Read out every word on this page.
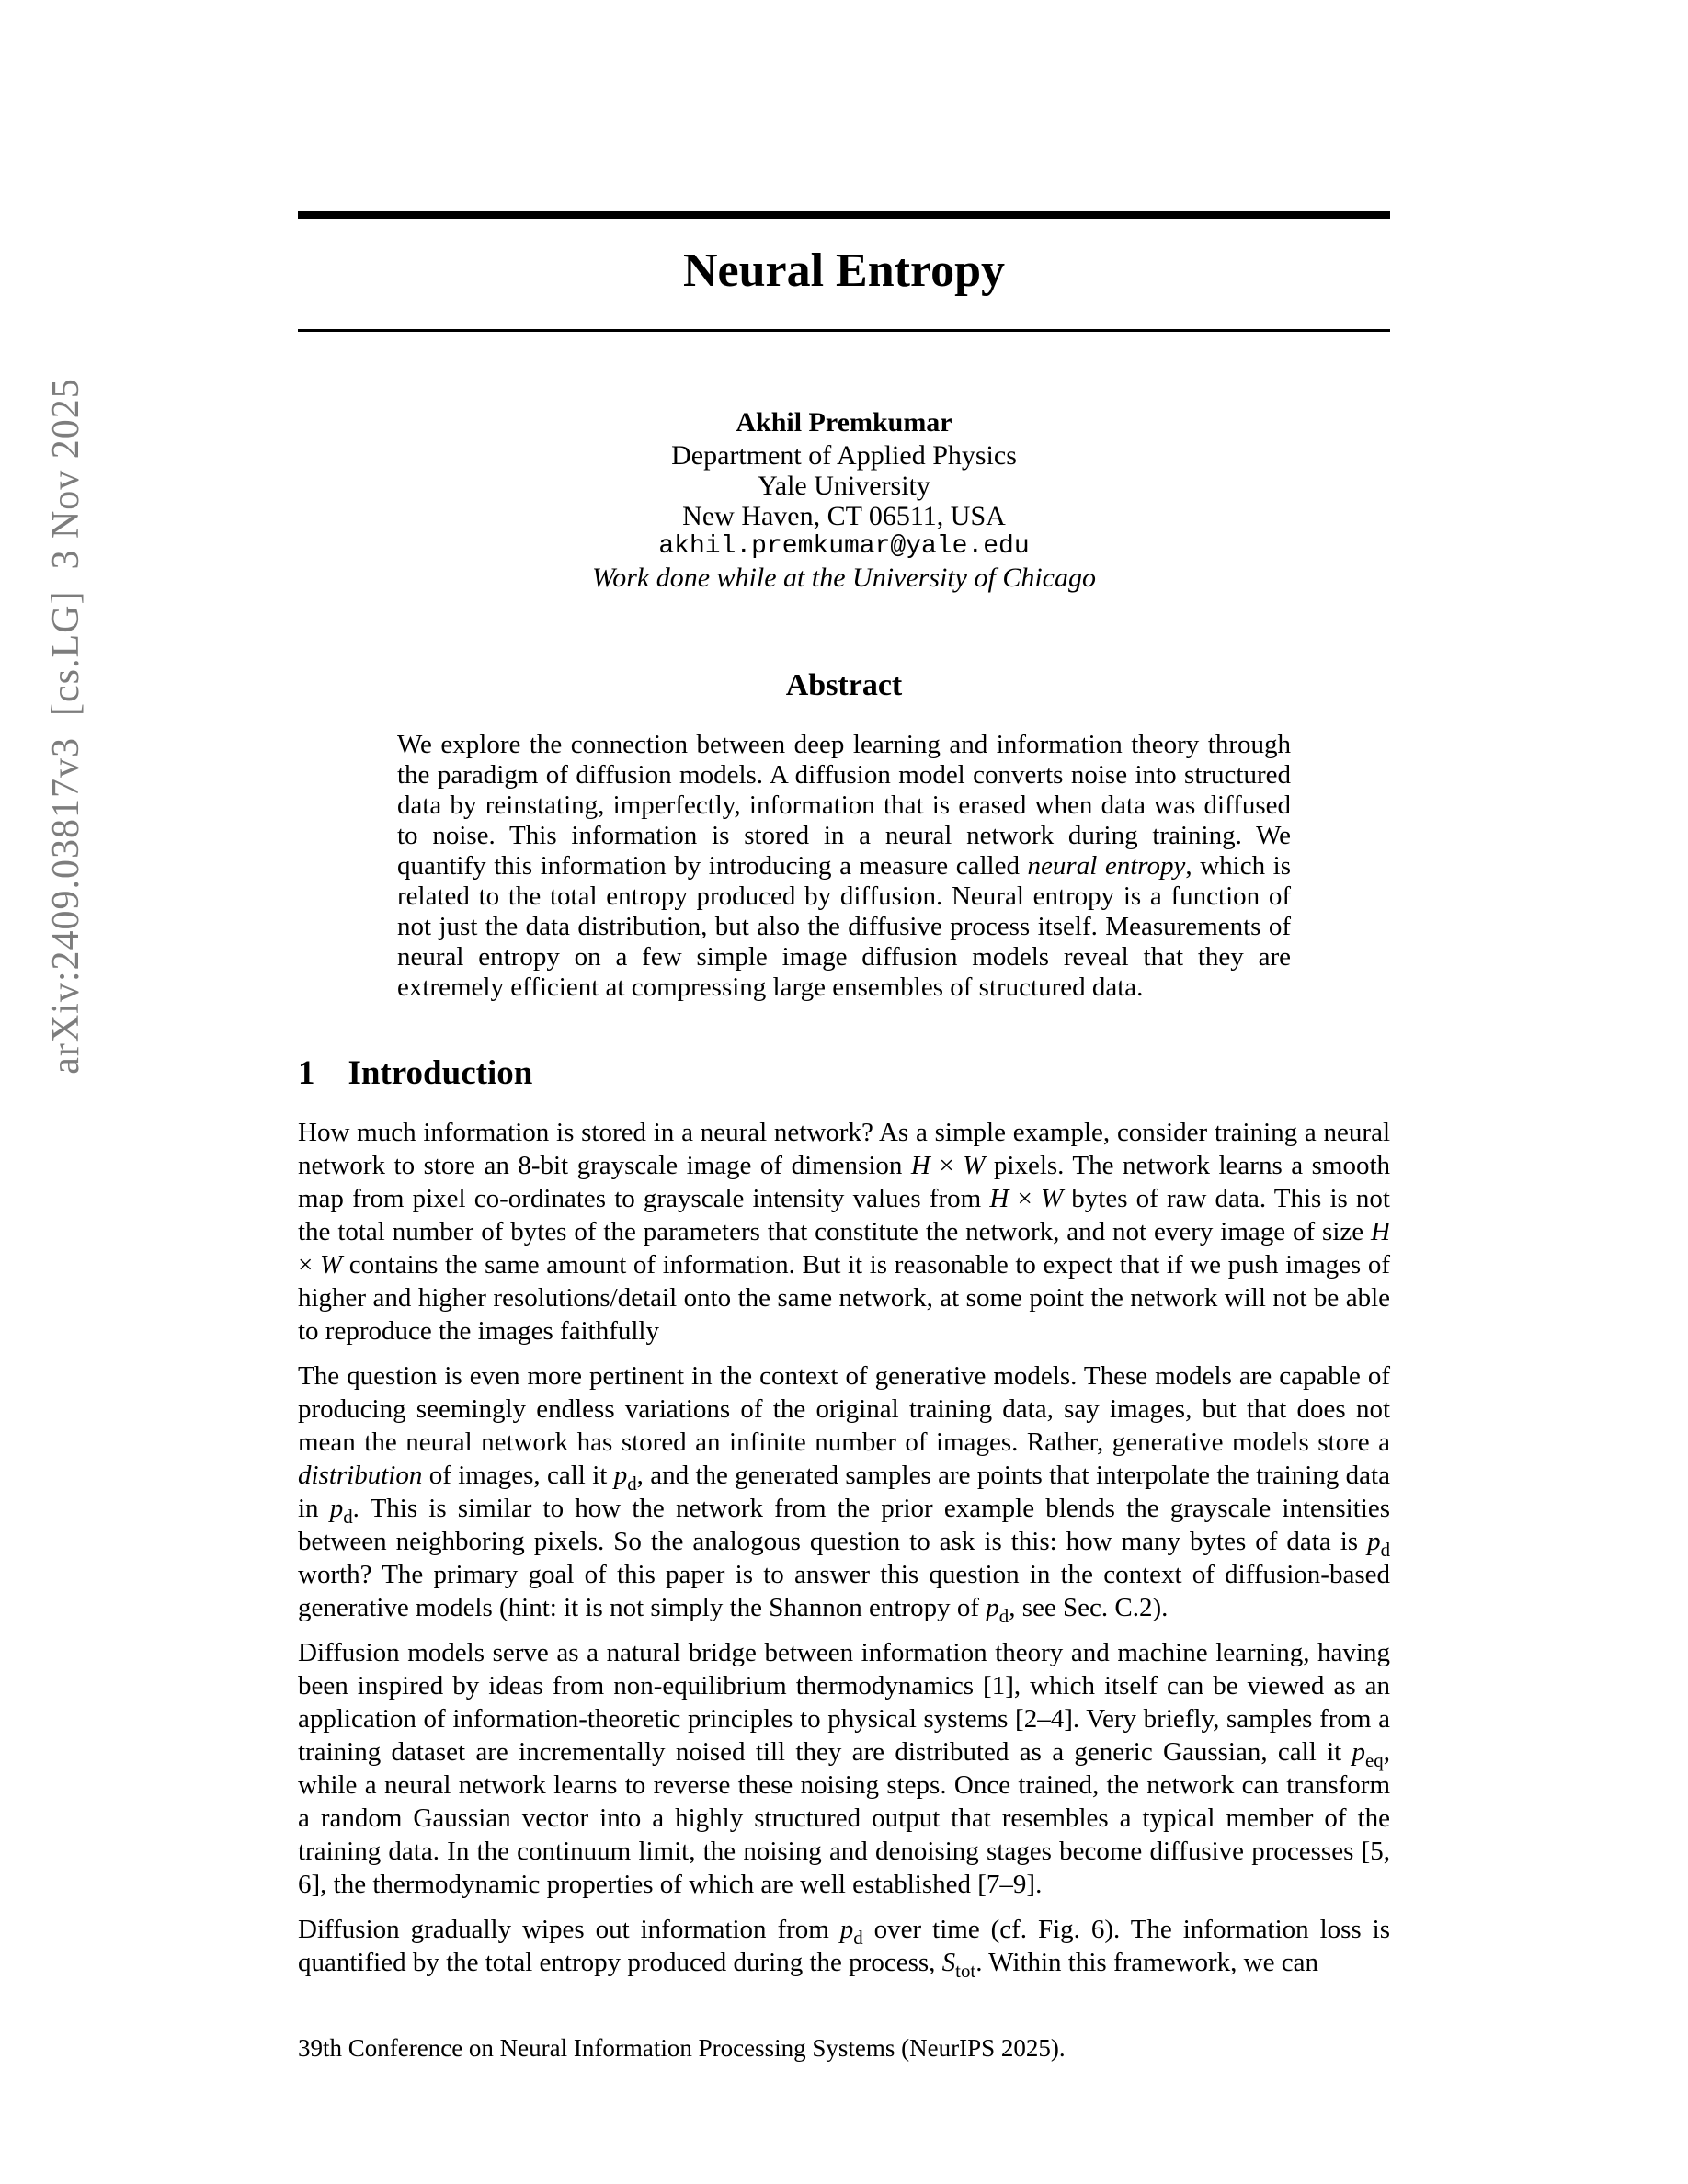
arXiv:2409.03817v3  [cs.LG]  3 Nov 2025
Neural Entropy
Akhil Premkumar
Department of Applied Physics
Yale University
New Haven, CT 06511, USA
akhil.premkumar@yale.edu
Work done while at the University of Chicago
Abstract

We explore the connection between deep learning and information theory through the paradigm of diffusion models. A diffusion model converts noise into structured data by reinstating, imperfectly, information that is erased when data was diffused to noise. This information is stored in a neural network during training. We quantify this information by introducing a measure called neural entropy, which is related to the total entropy produced by diffusion. Neural entropy is a function of not just the data distribution, but also the diffusive process itself. Measurements of neural entropy on a few simple image diffusion models reveal that they are extremely efficient at compressing large ensembles of structured data.

1 Introduction

How much information is stored in a neural network? As a simple example, consider training a neural network to store an 8-bit grayscale image of dimension H × W pixels. The network learns a smooth map from pixel co-ordinates to grayscale intensity values from H × W bytes of raw data. This is not the total number of bytes of the parameters that constitute the network, and not every image of size H × W contains the same amount of information. But it is reasonable to expect that if we push images of higher and higher resolutions/detail onto the same network, at some point the network will not be able to reproduce the images faithfully

The question is even more pertinent in the context of generative models. These models are capable of producing seemingly endless variations of the original training data, say images, but that does not mean the neural network has stored an infinite number of images. Rather, generative models store a distribution of images, call it $p_d$, and the generated samples are points that interpolate the training data in $p_d$. This is similar to how the network from the prior example blends the grayscale intensities between neighboring pixels. So the analogous question to ask is this: how many bytes of data is $p_d$ worth? The primary goal of this paper is to answer this question in the context of diffusion-based generative models (hint: it is not simply the Shannon entropy of $p_d$, see Sec. C.2).

Diffusion models serve as a natural bridge between information theory and machine learning, having been inspired by ideas from non-equilibrium thermodynamics [1], which itself can be viewed as an application of information-theoretic principles to physical systems [2–4]. Very briefly, samples from a training dataset are incrementally noised till they are distributed as a generic Gaussian, call it $p_{eq}$, while a neural network learns to reverse these noising steps. Once trained, the network can transform a random Gaussian vector into a highly structured output that resembles a typical member of the training data. In the continuum limit, the noising and denoising stages become diffusive processes [5, 6], the thermodynamic properties of which are well established [7–9].

Diffusion gradually wipes out information from $p_d$ over time (cf. Fig. 6). The information loss is quantified by the total entropy produced during the process, $S_{tot}$. Within this framework, we can

39th Conference on Neural Information Processing Systems (NeurIPS 2025).
